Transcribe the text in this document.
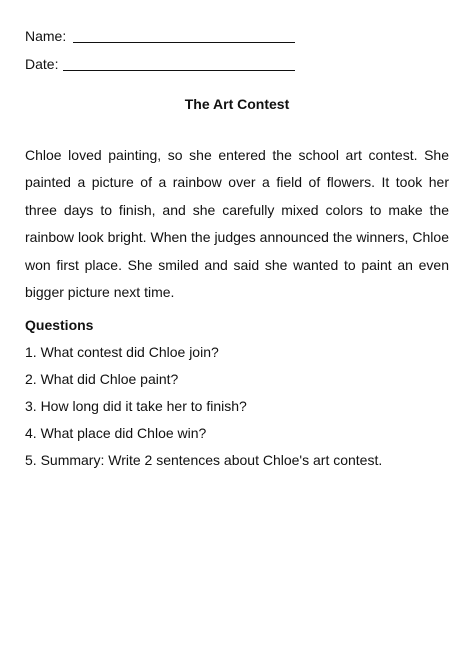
Name:
Date:
The Art Contest

Chloe loved painting, so she entered the school art contest. She painted a picture of a rainbow over a field of flowers. It took her three days to finish, and she carefully mixed colors to make the rainbow look bright. When the judges announced the winners, Chloe won first place. She smiled and said she wanted to paint an even bigger picture next time.

Questions
1. What contest did Chloe join?
2. What did Chloe paint?
3. How long did it take her to finish?
4. What place did Chloe win?
5. Summary: Write 2 sentences about Chloe's art contest.
